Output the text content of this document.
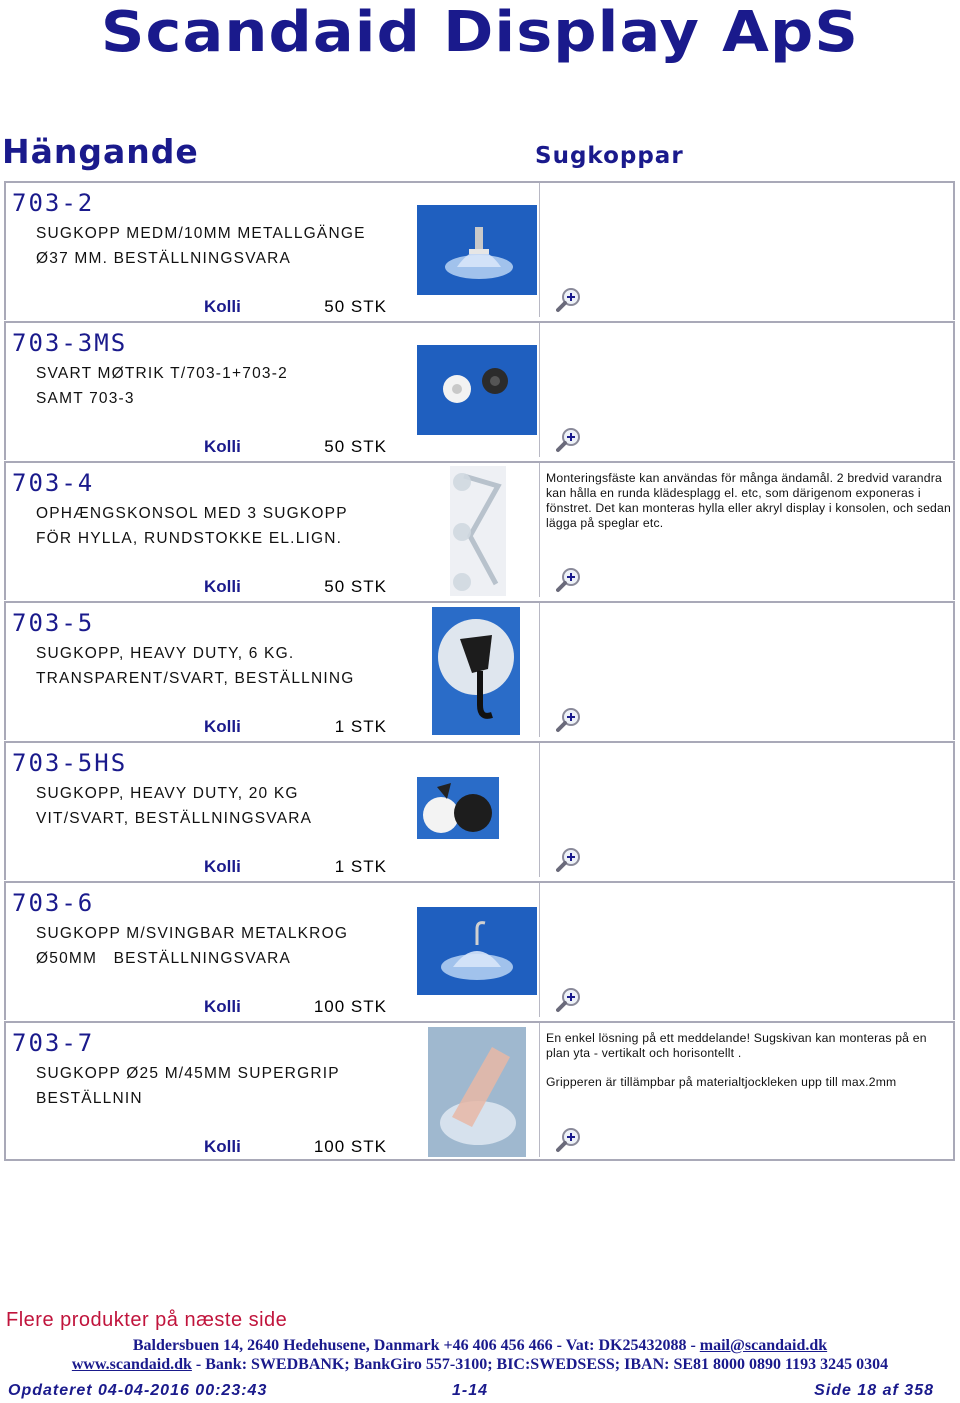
Scandaid Display ApS
Hängande	Sugkoppar
703-2
SUGKOPP MEDM/10MM METALLGÄNGE
Ø37 MM. BESTÄLLNINGSVARA
Kolli	50 STK
703-3MS
SVART MØTRIK T/703-1+703-2
SAMT 703-3
Kolli	50 STK
703-4
OPHÆNGSKONSOL MED 3 SUGKOPP
FÖR HYLLA, RUNDSTOKKE EL.LIGN.

Monteringsfäste kan användas för många ändamål. 2 bredvid varandra kan hålla en runda klädesplagg el. etc, som därigenom exponeras i fönstret. Det kan monteras hylla eller akryl display i konsolen, och sedan lägga på speglar etc.

Kolli	50 STK
703-5
SUGKOPP, HEAVY DUTY, 6 KG.
TRANSPARENT/SVART, BESTÄLLNING
Kolli	1 STK
703-5HS
SUGKOPP, HEAVY DUTY, 20 KG
VIT/SVART, BESTÄLLNINGSVARA
Kolli	1 STK
703-6
SUGKOPP M/SVINGBAR METALKROG
Ø50MM   BESTÄLLNINGSVARA
Kolli	100 STK
703-7
SUGKOPP Ø25 M/45MM SUPERGRIP
BESTÄLLNIN

En enkel lösning på ett meddelande! Sugskivan kan monteras på en plan yta - vertikalt och horisontellt .

Gripperen är tillämpbar på materialtjockleken upp till max.2mm

Kolli	100 STK
Flere produkter på næste side
Baldersbuen 14, 2640 Hedehusene, Danmark +46 406 456 466 - Vat: DK25432088 - mail@scandaid.dk
www.scandaid.dk - Bank: SWEDBANK; BankGiro 557-3100; BIC:SWEDSESS; IBAN: SE81 8000 0890 1193 3245 0304
Opdateret 04-04-2016 00:23:43	1-14	Side 18 af 358
